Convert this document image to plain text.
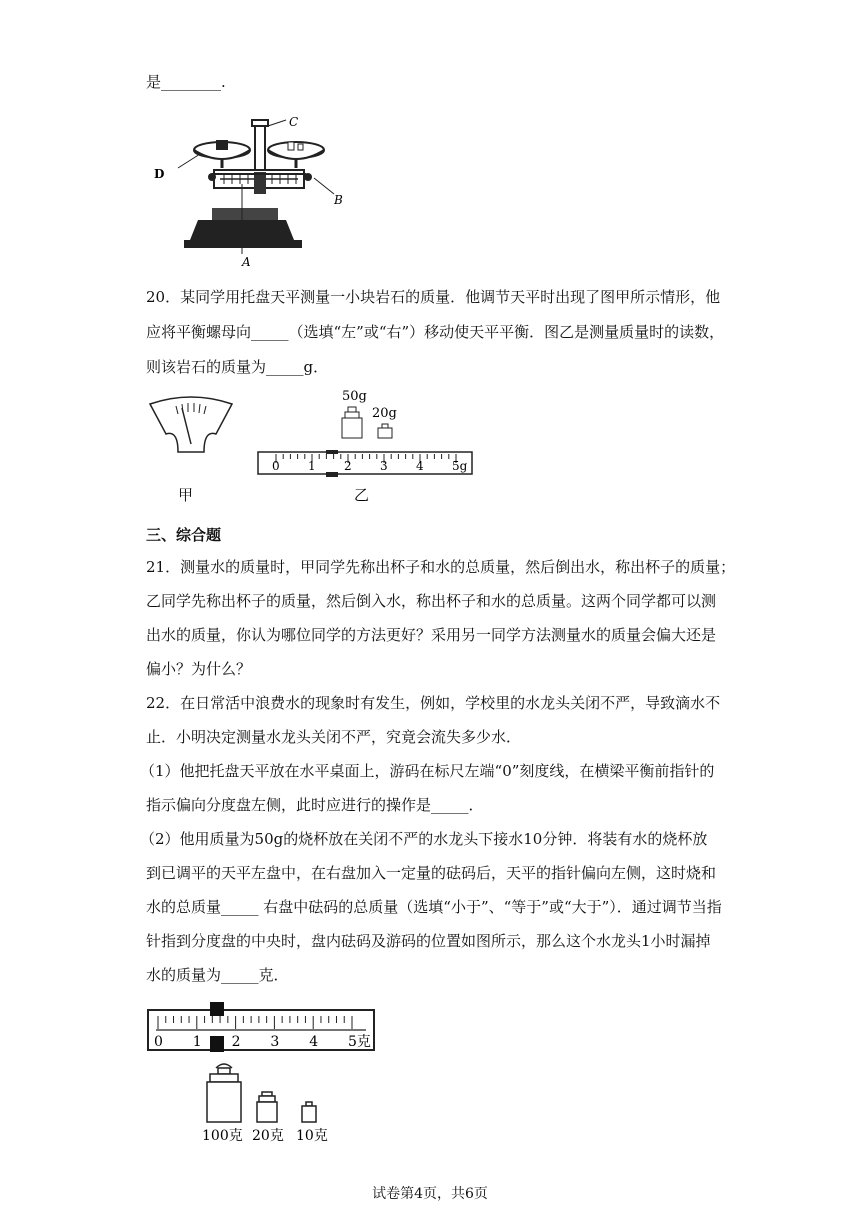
是________.
C
D
B
A
20．某同学用托盘天平测量一小块岩石的质量．他调节天平时出现了图甲所示情形，他
应将平衡螺母向_____（选填“左”或“右”）移动使天平平衡．图乙是测量质量时的读数，
则该岩石的质量为_____g．
甲
50g
20g
0 1 2 3 4 5g
乙
三、综合题
21．测量水的质量时，甲同学先称出杯子和水的总质量，然后倒出水，称出杯子的质量；
乙同学先称出杯子的质量，然后倒入水，称出杯子和水的总质量。这两个同学都可以测
出水的质量，你认为哪位同学的方法更好？采用另一同学方法测量水的质量会偏大还是
偏小？为什么？
22．在日常活中浪费水的现象时有发生，例如，学校里的水龙头关闭不严，导致滴水不
止．小明决定测量水龙头关闭不严，究竟会流失多少水．
（1）他把托盘天平放在水平桌面上，游码在标尺左端“0”刻度线，在横梁平衡前指针的
指示偏向分度盘左侧，此时应进行的操作是_____．
（2）他用质量为50g的烧杯放在关闭不严的水龙头下接水10分钟．将装有水的烧杯放
到已调平的天平左盘中，在右盘加入一定量的砝码后，天平的指针偏向左侧，这时烧和
水的总质量_____ 右盘中砝码的总质量（选填“小于”、“等于”或“大于”）．通过调节当指
针指到分度盘的中央时，盘内砝码及游码的位置如图所示，那么这个水龙头1小时漏掉
水的质量为_____克．
0 1 2 3 4 5克
100克 20克 10克
试卷第4页，共6页
